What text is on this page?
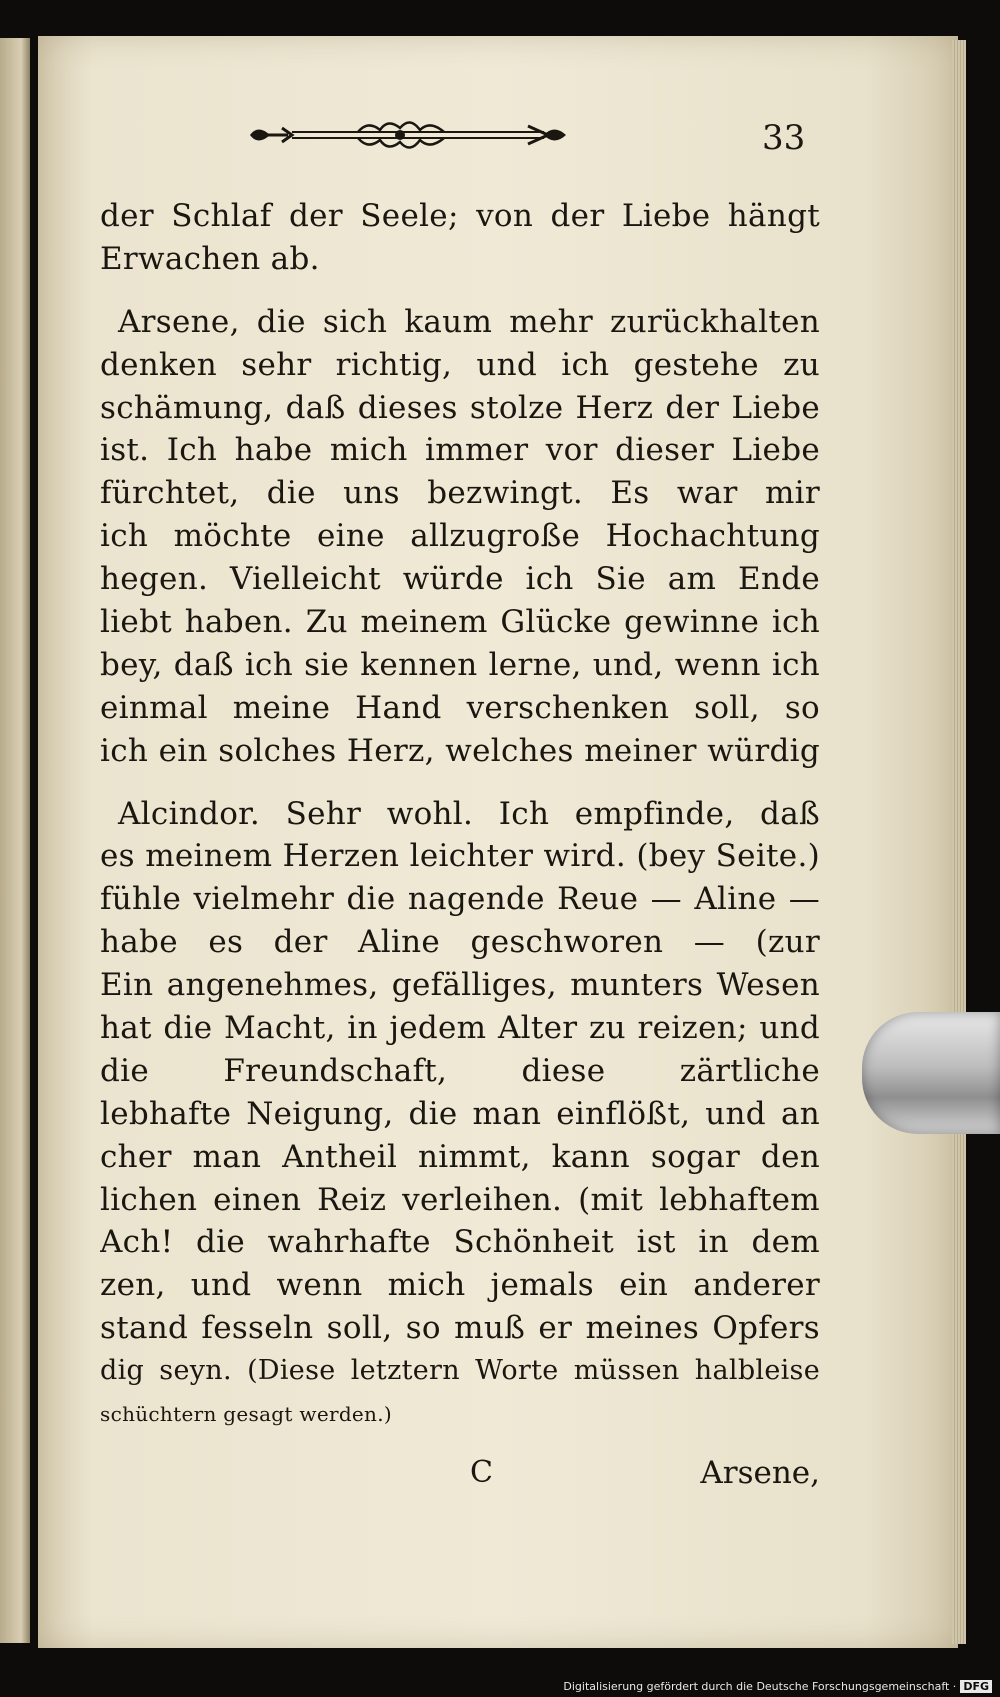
33
der Schlaf der Seele; von der Liebe hängt
Erwachen ab.
Arsene, die sich kaum mehr zurückhalten
denken sehr richtig, und ich gestehe zu
schämung, daß dieses stolze Herz der Liebe
ist. Ich habe mich immer vor dieser Liebe
fürchtet, die uns bezwingt. Es war mir
ich möchte eine allzugroße Hochachtung
hegen. Vielleicht würde ich Sie am Ende
liebt haben. Zu meinem Glücke gewinne ich
bey, daß ich sie kennen lerne, und, wenn ich
einmal meine Hand verschenken soll, so
ich ein solches Herz, welches meiner würdig
Alcindor. Sehr wohl. Ich empfinde, daß
es meinem Herzen leichter wird. (bey Seite.)
fühle vielmehr die nagende Reue — Aline —
habe es der Aline geschworen — (zur
Ein angenehmes, gefälliges, munters Wesen
hat die Macht, in jedem Alter zu reizen; und
die Freundschaft, diese zärtliche
lebhafte Neigung, die man einflößt, und an
cher man Antheil nimmt, kann sogar den
lichen einen Reiz verleihen. (mit lebhaftem
Ach! die wahrhafte Schönheit ist in dem
zen, und wenn mich jemals ein anderer
stand fesseln soll, so muß er meines Opfers
dig seyn. (Diese letztern Worte müssen halbleise
schüchtern gesagt werden.)
C	Arsene,
Digitalisierung gefördert durch die Deutsche Forschungsgemeinschaft · DFG
